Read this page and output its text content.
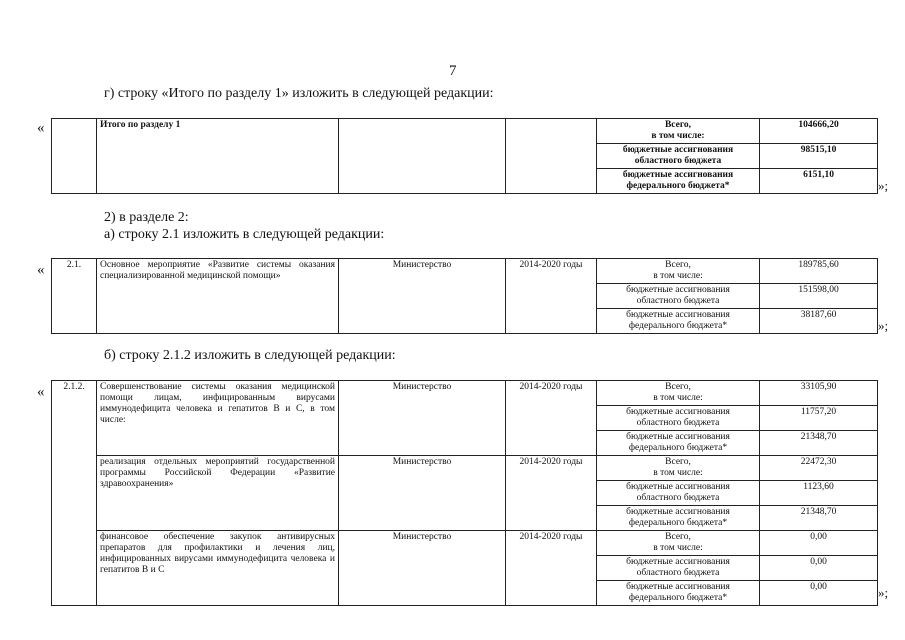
7
г) строку «Итого по разделу 1» изложить в следующей редакции:
«
		Итого по разделу 1			Всего,
в том числе:	104666,20
				бюджетные ассигнования
областного бюджета	98515,10
				бюджетные ассигнования
федерального бюджета*	6151,10
»;
2) в разделе 2:
а) строку 2.1 изложить в следующей редакции:
« 2.1.	Основное мероприятие «Развитие системы оказания специализированной медицинской помощи»	Министерство	2014-2020 годы	Всего,
в том числе:	189785,60
				бюджетные ассигнования
областного бюджета	151598,00
				бюджетные ассигнования
федерального бюджета*	38187,60
»;
б) строку 2.1.2 изложить в следующей редакции:
« 2.1.2.	Совершенствование системы оказания медицинской помощи лицам, инфицированным вирусами иммунодефицита человека и гепатитов В и С, в том числе:	Министерство	2014-2020 годы	Всего,
в том числе:	33105,90
				бюджетные ассигнования
областного бюджета	11757,20
				бюджетные ассигнования
федерального бюджета*	21348,70
	реализация отдельных мероприятий государственной программы Российской Федерации «Развитие здравоохранения»	Министерство	2014-2020 годы	Всего,
в том числе:	22472,30
				бюджетные ассигнования
областного бюджета	1123,60
				бюджетные ассигнования
федерального бюджета*	21348,70
	финансовое обеспечение закупок антивирусных препаратов для профилактики и лечения лиц, инфицированных вирусами иммунодефицита человека и гепатитов В и С	Министерство	2014-2020 годы	Всего,
в том числе:	0,00
				бюджетные ассигнования
областного бюджета	0,00
				бюджетные ассигнования
федерального бюджета*	0,00	»;
